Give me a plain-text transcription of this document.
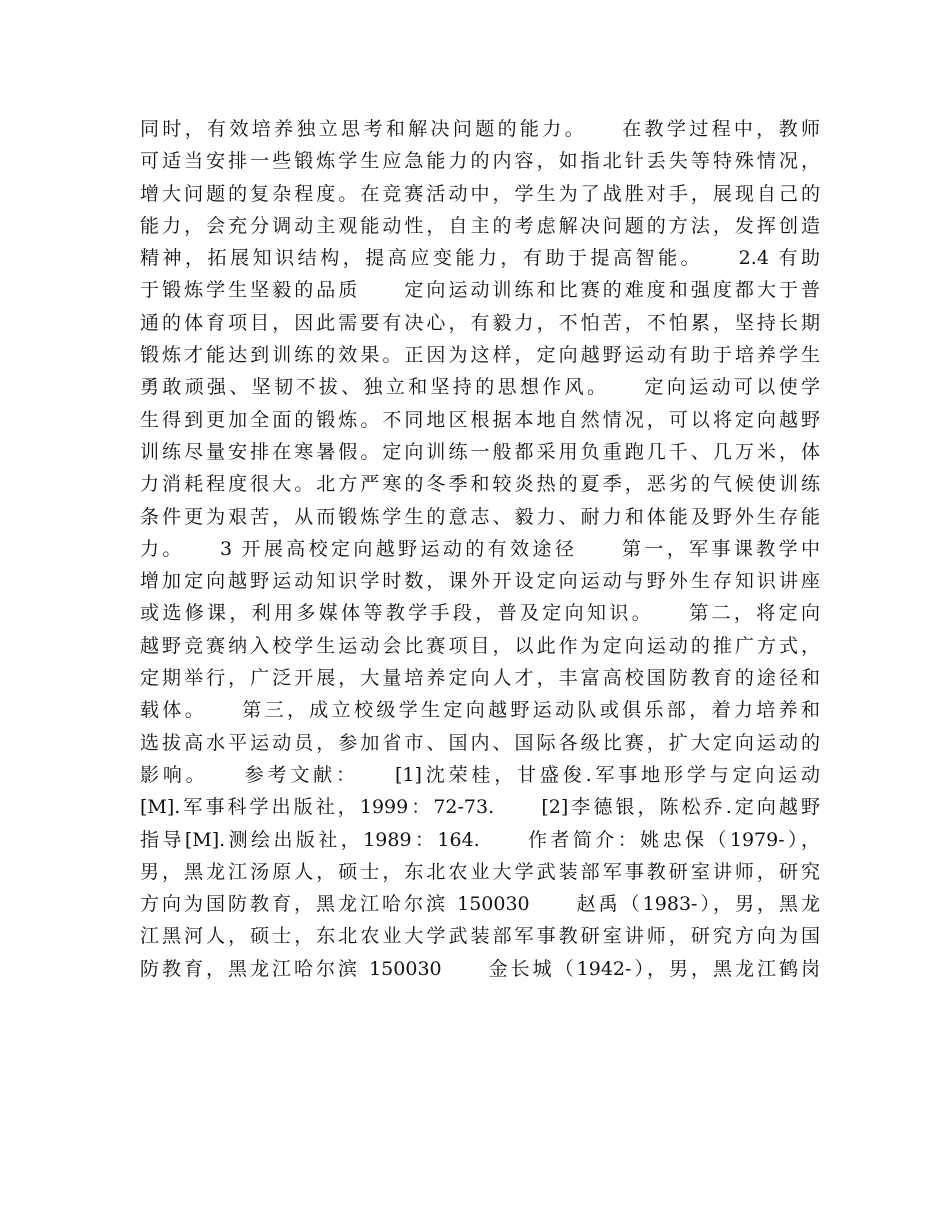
同时，有效培养独立思考和解决问题的能力。　　在教学过程中，教师
可适当安排一些锻炼学生应急能力的内容，如指北针丢失等特殊情况，
增大问题的复杂程度。在竞赛活动中，学生为了战胜对手，展现自己的
能力，会充分调动主观能动性，自主的考虑解决问题的方法，发挥创造
精神，拓展知识结构，提高应变能力，有助于提高智能。　　2.4 有助
于锻炼学生坚毅的品质　　定向运动训练和比赛的难度和强度都大于普
通的体育项目，因此需要有决心，有毅力，不怕苦，不怕累，坚持长期
锻炼才能达到训练的效果。正因为这样，定向越野运动有助于培养学生
勇敢顽强、坚韧不拔、独立和坚持的思想作风。　　定向运动可以使学
生得到更加全面的锻炼。不同地区根据本地自然情况，可以将定向越野
训练尽量安排在寒暑假。定向训练一般都采用负重跑几千、几万米，体
力消耗程度很大。北方严寒的冬季和较炎热的夏季，恶劣的气候使训练
条件更为艰苦，从而锻炼学生的意志、毅力、耐力和体能及野外生存能
力。　　3 开展高校定向越野运动的有效途径　　第一，军事课教学中
增加定向越野运动知识学时数，课外开设定向运动与野外生存知识讲座
或选修课，利用多媒体等教学手段，普及定向知识。　　第二，将定向
越野竞赛纳入校学生运动会比赛项目，以此作为定向运动的推广方式，
定期举行，广泛开展，大量培养定向人才，丰富高校国防教育的途径和
载体。　　第三，成立校级学生定向越野运动队或俱乐部，着力培养和
选拔高水平运动员，参加省市、国内、国际各级比赛，扩大定向运动的
影响。　　参考文献：　　[1]沈荣桂，甘盛俊.军事地形学与定向运动
[M].军事科学出版社，1999：72-73.　　[2]李德银，陈松乔.定向越野
指导[M].测绘出版社，1989：164.　　作者简介：姚忠保（1979-），
男，黑龙江汤原人，硕士，东北农业大学武装部军事教研室讲师，研究
方向为国防教育，黑龙江哈尔滨 150030　　赵禹（1983-），男，黑龙
江黑河人，硕士，东北农业大学武装部军事教研室讲师，研究方向为国
防教育，黑龙江哈尔滨 150030　　金长城（1942-），男，黑龙江鹤岗
